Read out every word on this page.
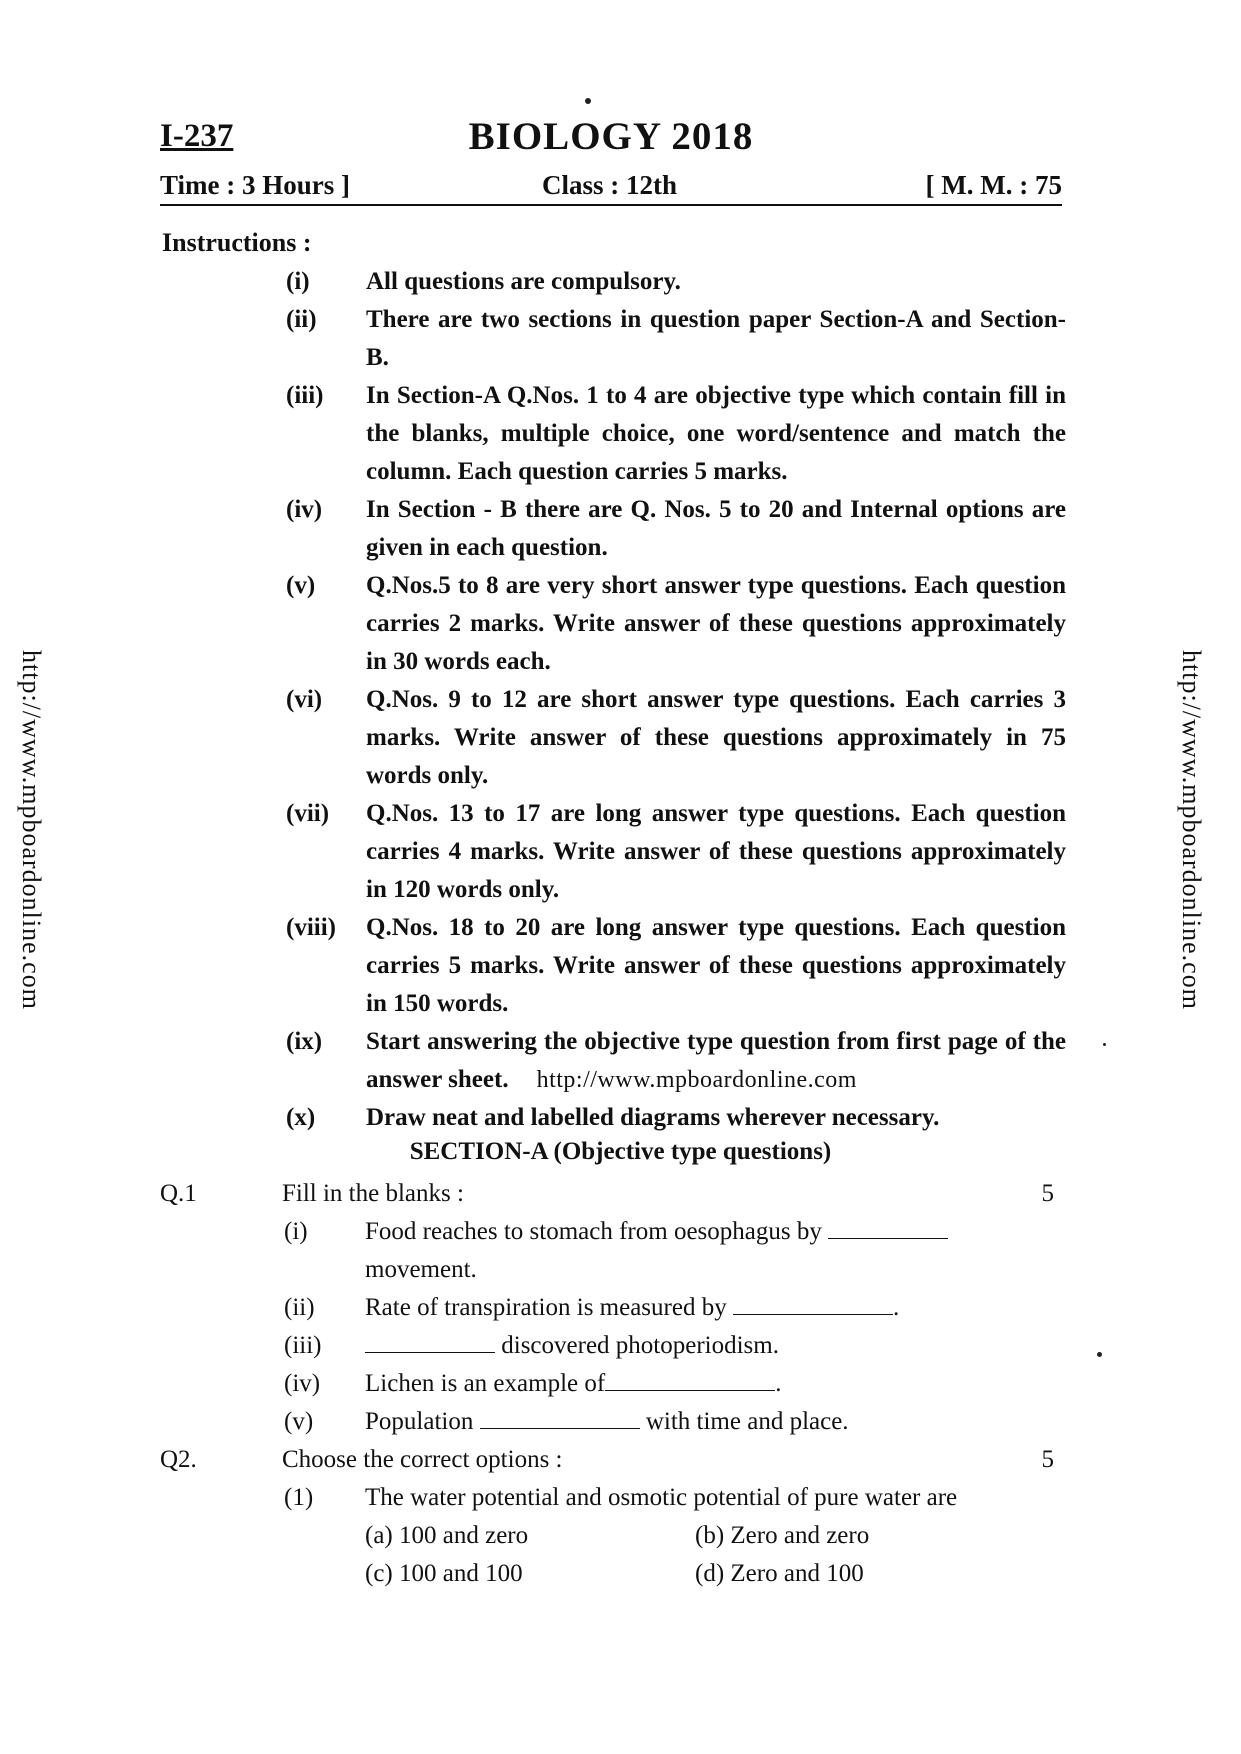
I-237	BIOLOGY 2018
Time : 3 Hours ]	Class : 12th	[ M. M. : 75
http://www.mpboardonline.com	http://www.mpboardonline.com
Instructions :
(i) All questions are compulsory.
(ii) There are two sections in question paper Section-A and Section-B.
(iii) In Section-A Q.Nos. 1 to 4 are objective type which contain fill in the blanks, multiple choice, one word/sentence and match the column. Each question carries 5 marks.
(iv) In Section - B there are Q. Nos. 5 to 20 and Internal options are given in each question.
(v) Q.Nos.5 to 8 are very short answer type questions. Each question carries 2 marks. Write answer of these questions approximately in 30 words each.
(vi) Q.Nos. 9 to 12 are short answer type questions. Each carries 3 marks. Write answer of these questions approximately in 75 words only.
(vii) Q.Nos. 13 to 17 are long answer type questions. Each question carries 4 marks. Write answer of these questions approximately in 120 words only.
(viii) Q.Nos. 18 to 20 are long answer type questions. Each question carries 5 marks. Write answer of these questions approximately in 150 words.
(ix) Start answering the objective type question from first page of the answer sheet. http://www.mpboardonline.com
(x) Draw neat and labelled diagrams wherever necessary.
SECTION-A (Objective type questions)
Q.1	Fill in the blanks :	5
(i) Food reaches to stomach from oesophagus by
movement.
(ii) Rate of transpiration is measured by	.
(iii)	discovered photoperiodism.
(iv) Lichen is an example of	.
(v) Population	with time and place.
Q2.	Choose the correct options :	5
(1) The water potential and osmotic potential of pure water are
(a) 100 and zero	(b) Zero and zero
(c) 100 and 100	(d) Zero and 100
